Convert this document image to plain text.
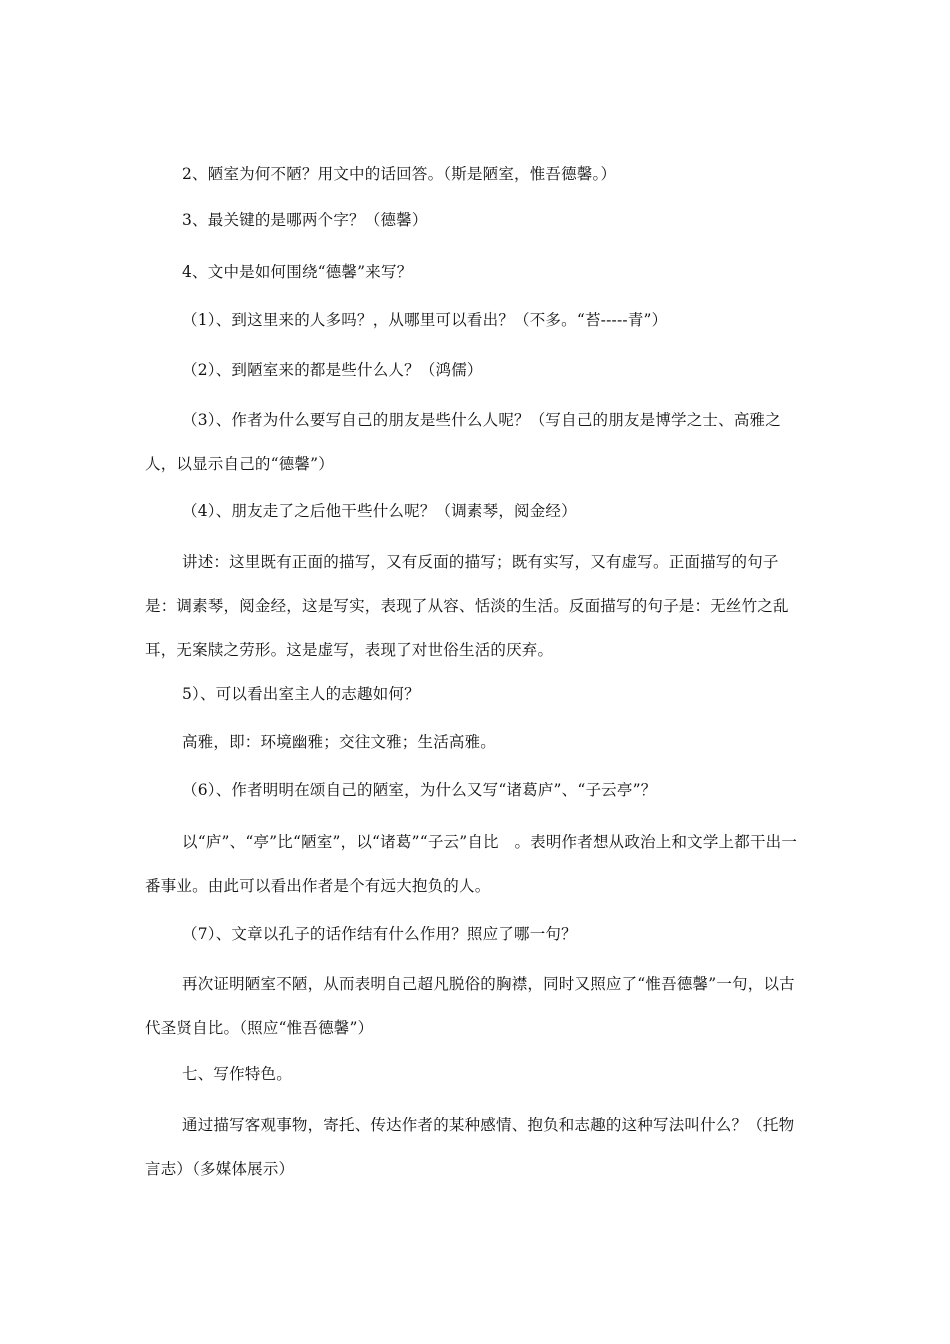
2、陋室为何不陋？用文中的话回答。（斯是陋室，惟吾德馨。）

3、最关键的是哪两个字？（德馨）

4、文中是如何围绕“德馨”来写？

（1）、到这里来的人多吗？，从哪里可以看出？（不多。“苔-----青”）

（2）、到陋室来的都是些什么人？（鸿儒）

（3）、作者为什么要写自己的朋友是些什么人呢？（写自己的朋友是博学之士、高雅之人，以显示自己的“德馨”）

（4）、朋友走了之后他干些什么呢？（调素琴，阅金经）

讲述：这里既有正面的描写，又有反面的描写；既有实写，又有虚写。正面描写的句子是：调素琴，阅金经，这是写实，表现了从容、恬淡的生活。反面描写的句子是：无丝竹之乱耳，无案牍之劳形。这是虚写，表现了对世俗生活的厌弃。

5）、可以看出室主人的志趣如何？

高雅，即：环境幽雅；交往文雅；生活高雅。

（6）、作者明明在颂自己的陋室，为什么又写“诸葛庐”、“子云亭”？

以“庐”、“亭”比“陋室”，以“诸葛”“子云”自比　。表明作者想从政治上和文学上都干出一番事业。由此可以看出作者是个有远大抱负的人。

（7）、文章以孔子的话作结有什么作用？照应了哪一句？

再次证明陋室不陋，从而表明自己超凡脱俗的胸襟，同时又照应了“惟吾德馨”一句，以古代圣贤自比。（照应“惟吾德馨”）

七、写作特色。

通过描写客观事物，寄托、传达作者的某种感情、抱负和志趣的这种写法叫什么？（托物言志）（多媒体展示）
